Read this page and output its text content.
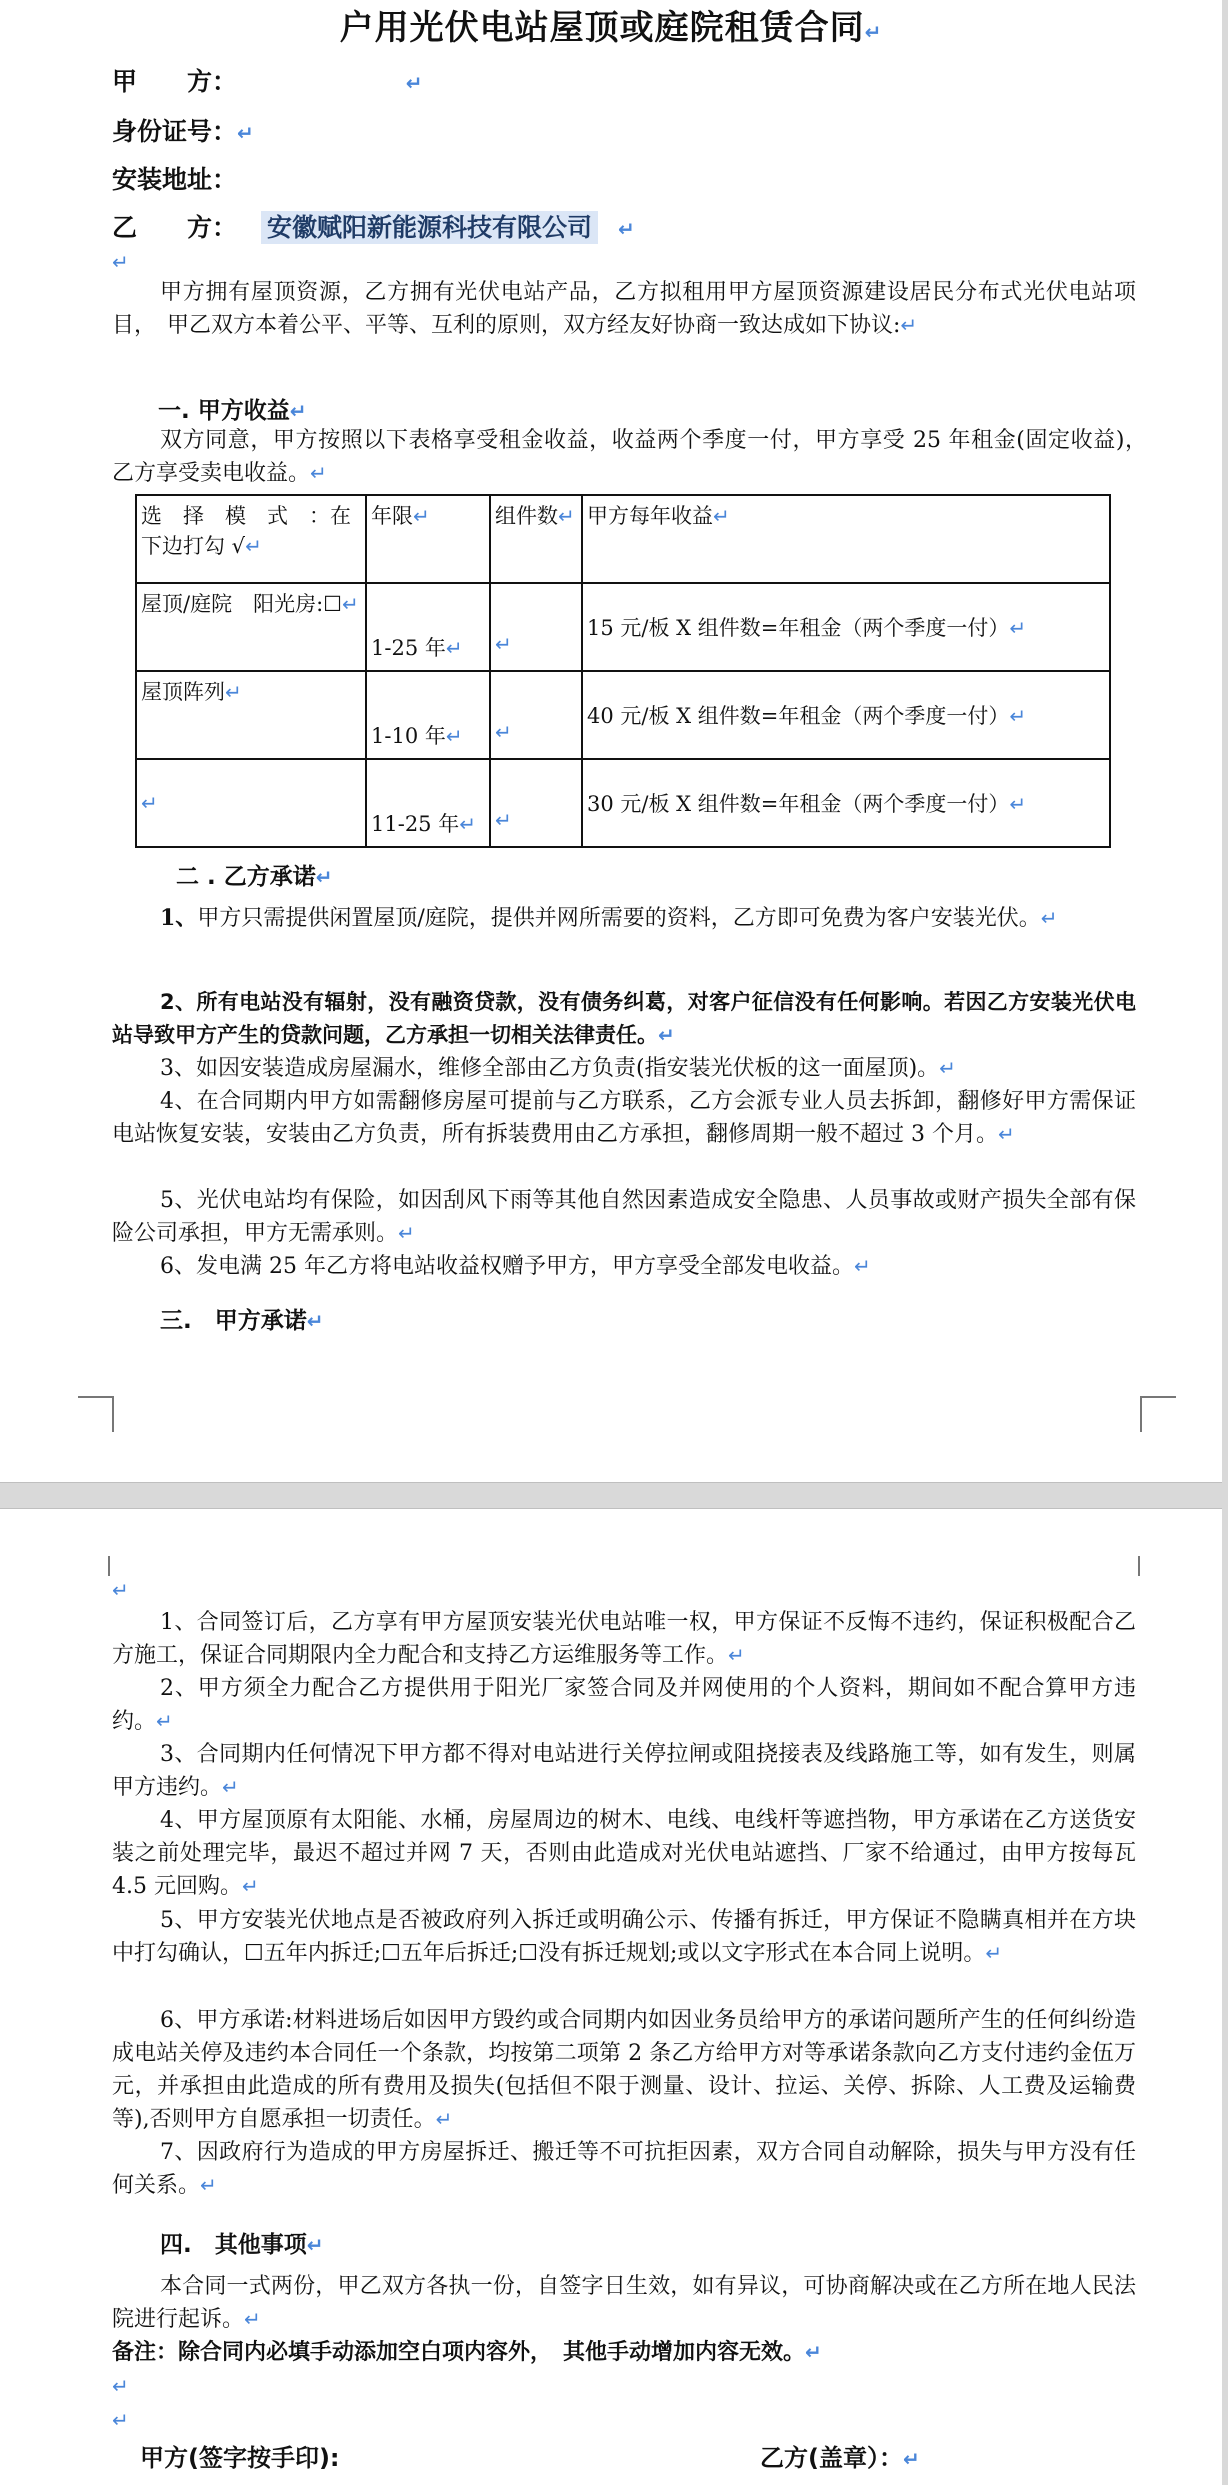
户用光伏电站屋顶或庭院租赁合同↵
甲　　方：	↵
身份证号：↵
安装地址：
乙　　方： 安徽赋阳新能源科技有限公司 ↵
↵
甲方拥有屋顶资源，乙方拥有光伏电站产品，乙方拟租用甲方屋顶资源建设居民分布式光伏电站项目，　甲乙双方本着公平、平等、互利的原则，双方经友好协商一致达成如下协议:↵
一. 甲方收益↵
双方同意，甲方按照以下表格享受租金收益，收益两个季度一付，甲方享受 25 年租金(固定收益)，　乙方享受卖电收益。↵
选　择　模　式　：在下边打勾 √↵	年限↵	组件数↵	甲方每年收益↵
屋顶/庭院　阳光房:☐↵	1-25 年↵	↵	15 元/板 X 组件数=年租金（两个季度一付）↵
屋顶阵列↵	1-10 年↵	↵	40 元/板 X 组件数=年租金（两个季度一付）↵
↵	11-25 年↵	↵	30 元/板 X 组件数=年租金（两个季度一付）↵
二 . 乙方承诺↵
1、甲方只需提供闲置屋顶/庭院，提供并网所需要的资料，乙方即可免费为客户安装光伏。↵
2、所有电站没有辐射，没有融资贷款，没有债务纠葛，对客户征信没有任何影响。若因乙方安装光伏电站导致甲方产生的贷款问题，乙方承担一切相关法律责任。↵
3、如因安装造成房屋漏水，维修全部由乙方负责(指安装光伏板的这一面屋顶)。↵
4、在合同期内甲方如需翻修房屋可提前与乙方联系，乙方会派专业人员去拆卸，翻修好甲方需保证电站恢复安装，安装由乙方负责，所有拆装费用由乙方承担，翻修周期一般不超过 3 个月。↵
5、光伏电站均有保险，如因刮风下雨等其他自然因素造成安全隐患、人员事故或财产损失全部有保险公司承担，甲方无需承则。↵
6、发电满 25 年乙方将电站收益权赠予甲方，甲方享受全部发电收益。↵
三.　甲方承诺↵
↵
1、合同签订后，乙方享有甲方屋顶安装光伏电站唯一权，甲方保证不反悔不违约，保证积极配合乙方施工，保证合同期限内全力配合和支持乙方运维服务等工作。↵
2、甲方须全力配合乙方提供用于阳光厂家签合同及并网使用的个人资料，期间如不配合算甲方违约。↵
3、合同期内任何情况下甲方都不得对电站进行关停拉闸或阻挠接表及线路施工等，如有发生，则属甲方违约。↵
4、甲方屋顶原有太阳能、水桶，房屋周边的树木、电线、电线杆等遮挡物，甲方承诺在乙方送货安装之前处理完毕，最迟不超过并网 7 天，否则由此造成对光伏电站遮挡、厂家不给通过，由甲方按每瓦 4.5 元回购。↵
5、甲方安装光伏地点是否被政府列入拆迁或明确公示、传播有拆迁，甲方保证不隐瞒真相并在方块中打勾确认，☐五年内拆迁;☐五年后拆迁;☐没有拆迁规划;或以文字形式在本合同上说明。↵
6、甲方承诺:材料进场后如因甲方毁约或合同期内如因业务员给甲方的承诺问题所产生的任何纠纷造成电站关停及违约本合同任一个条款，均按第二项第 2 条乙方给甲方对等承诺条款向乙方支付违约金伍万元，并承担由此造成的所有费用及损失(包括但不限于测量、设计、拉运、关停、拆除、人工费及运输费等),否则甲方自愿承担一切责任。↵
7、因政府行为造成的甲方房屋拆迁、搬迁等不可抗拒因素，双方合同自动解除，损失与甲方没有任何关系。↵
四.　其他事项↵
本合同一式两份，甲乙双方各执一份，自签字日生效，如有异议，可协商解决或在乙方所在地人民法院进行起诉。↵
备注：除合同内必填手动添加空白项内容外，　其他手动增加内容无效。↵
↵
↵
甲方(签字按手印):	乙方(盖章）：↵
